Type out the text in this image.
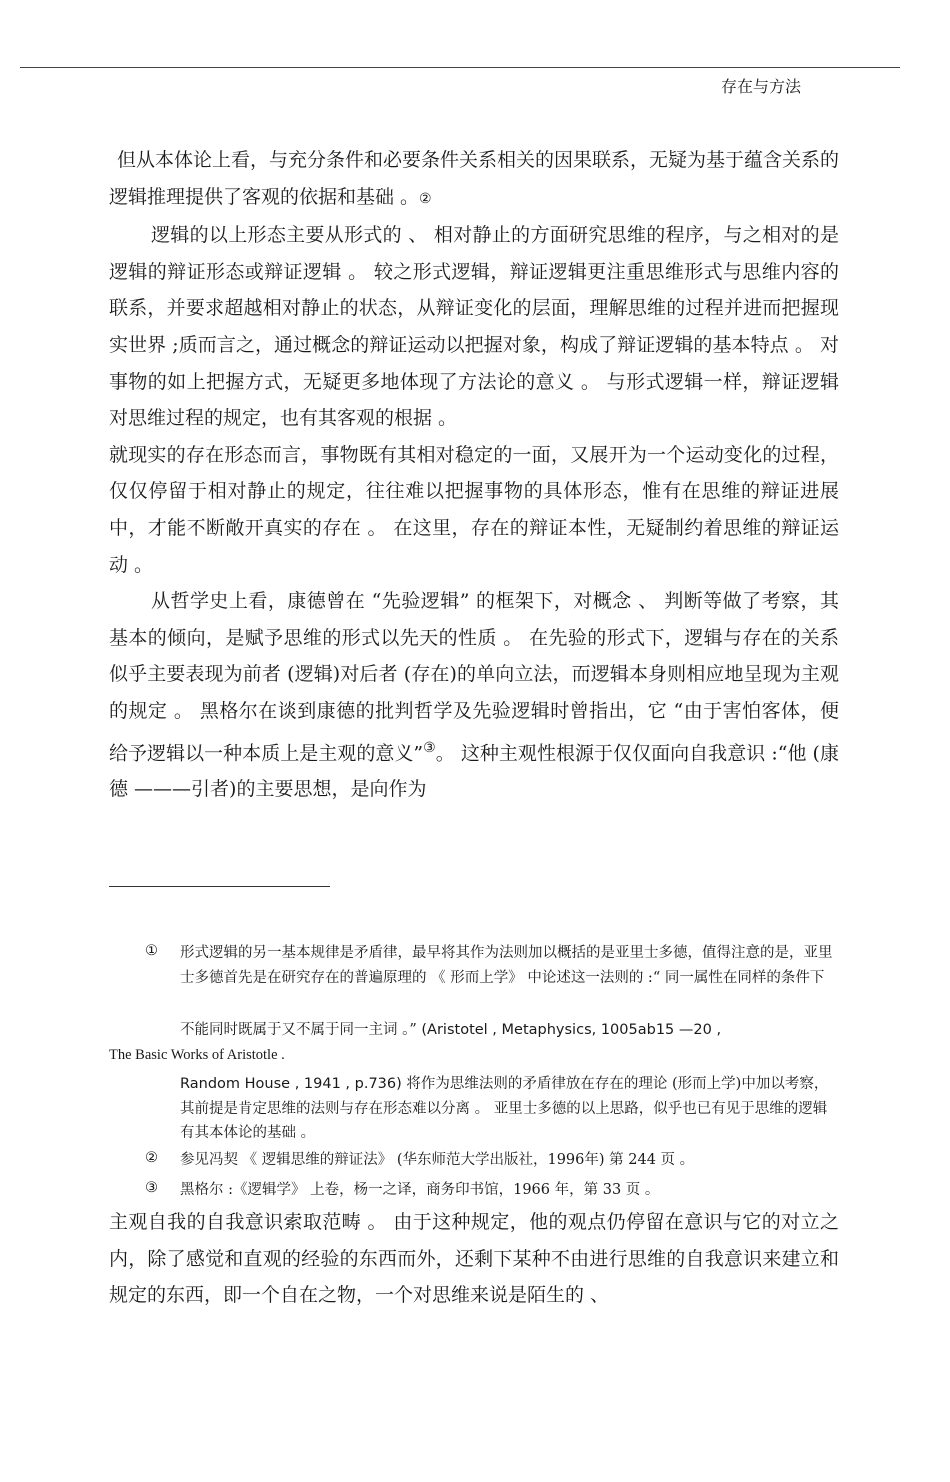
存在与方法

但从本体论上看，与充分条件和必要条件关系相关的因果联系，无疑为基于蕴含关系的逻辑推理提供了客观的依据和基础 。②

逻辑的以上形态主要从形式的 、 相对静止的方面研究思维的程序，与之相对的是逻辑的辩证形态或辩证逻辑 。 较之形式逻辑，辩证逻辑更注重思维形式与思维内容的联系，并要求超越相对静止的状态，从辩证变化的层面，理解思维的过程并进而把握现实世界 ;质而言之，通过概念的辩证运动以把握对象，构成了辩证逻辑的基本特点 。 对事物的如上把握方式，无疑更多地体现了方法论的意义 。 与形式逻辑一样，辩证逻辑对思维过程的规定，也有其客观的根据 。

就现实的存在形态而言，事物既有其相对稳定的一面，又展开为一个运动变化的过程，仅仅停留于相对静止的规定，往往难以把握事物的具体形态，惟有在思维的辩证进展中，才能不断敞开真实的存在 。 在这里，存在的辩证本性，无疑制约着思维的辩证运动 。

从哲学史上看，康德曾在 “先验逻辑” 的框架下，对概念 、 判断等做了考察，其基本的倾向，是赋予思维的形式以先天的性质 。 在先验的形式下，逻辑与存在的关系似乎主要表现为前者 (逻辑)对后者 (存在)的单向立法，而逻辑本身则相应地呈现为主观的规定 。 黑格尔在谈到康德的批判哲学及先验逻辑时曾指出，它 “由于害怕客体，便给予逻辑以一种本质上是主观的意义”③。 这种主观性根源于仅仅面向自我意识 :“他 (康德 ———引者)的主要思想，是向作为

① 形式逻辑的另一基本规律是矛盾律，最早将其作为法则加以概括的是亚里士多德，值得注意的是，亚里士多德首先是在研究存在的普遍原理的 《 形而上学》 中论述这一法则的 :“ 同一属性在同样的条件下
不能同时既属于又不属于同一主词 。” (Aristotel , Metaphysics, 1005ab15 —20 ,
The Basic Works of Aristotle .
Random House , 1941 , p.736) 将作为思维法则的矛盾律放在存在的理论 (形而上学)中加以考察，其前提是肯定思维的法则与存在形态难以分离 。 亚里士多德的以上思路，似乎也已有见于思维的逻辑有其本体论的基础 。
② 参见冯契 《 逻辑思维的辩证法》 (华东师范大学出版社，1996年) 第 244 页 。
③ 黑格尔 :《逻辑学》 上卷，杨一之译，商务印书馆，1966 年，第 33 页 。

主观自我的自我意识索取范畴 。 由于这种规定，他的观点仍停留在意识与它的对立之内，除了感觉和直观的经验的东西而外，还剩下某种不由进行思维的自我意识来建立和规定的东西，即一个自在之物，一个对思维来说是陌生的 、
